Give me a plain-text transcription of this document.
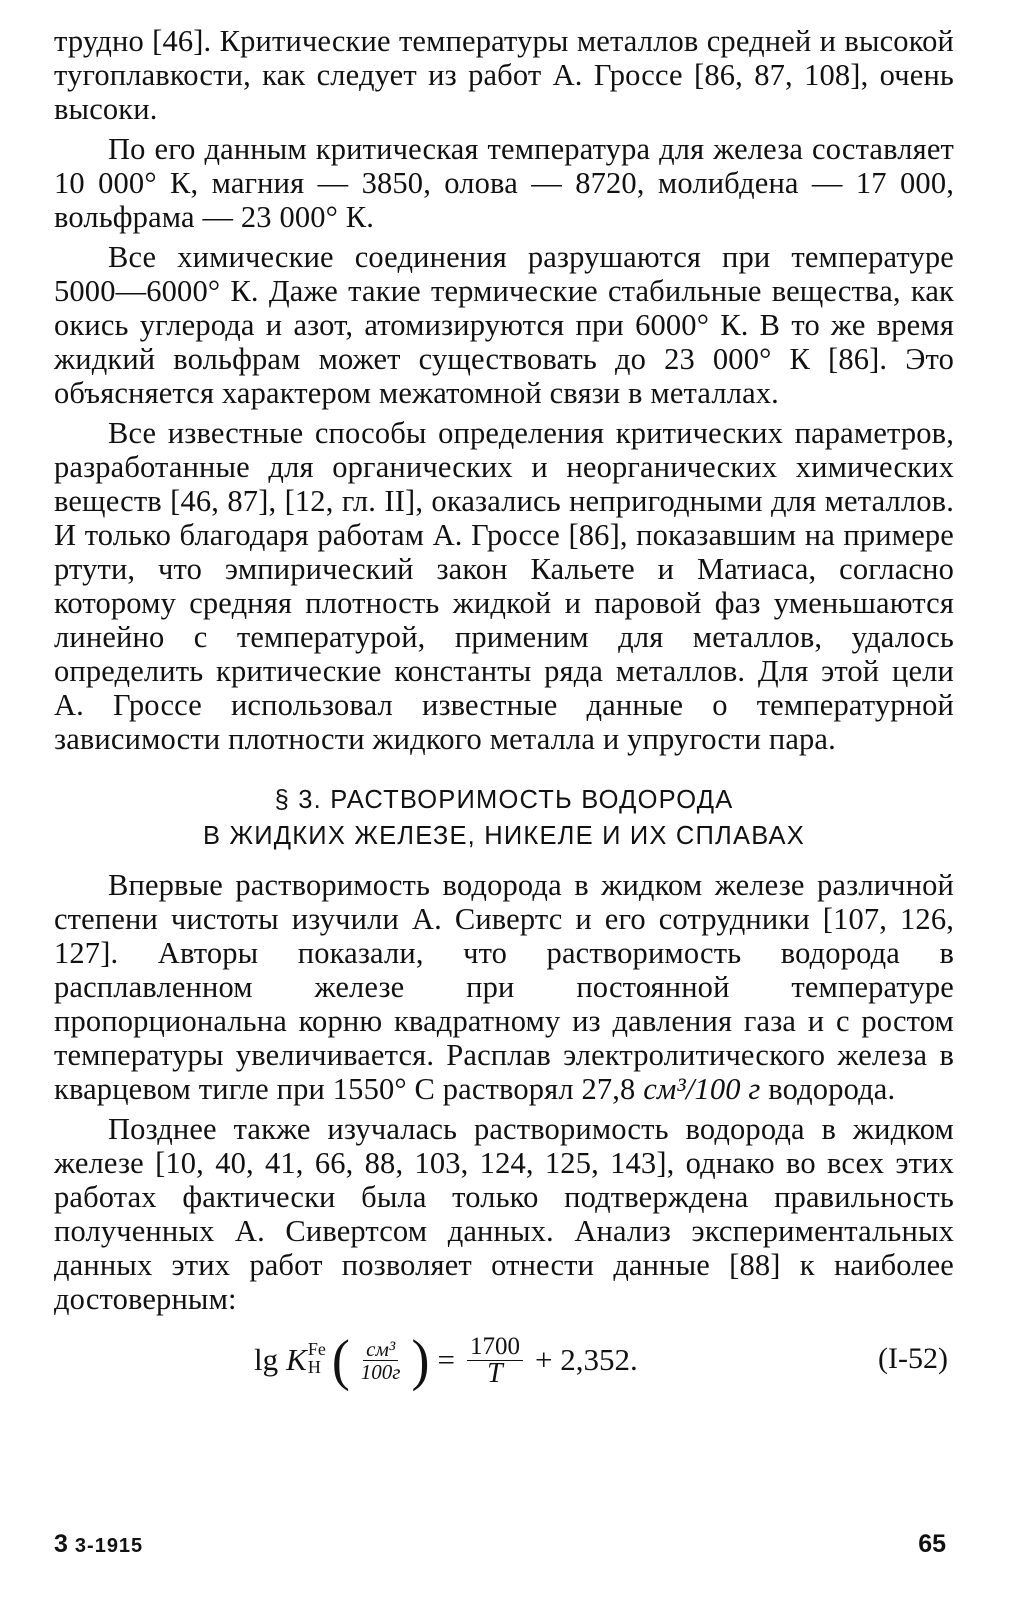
трудно [46]. Критические температуры металлов средней и высокой тугоплавкости, как следует из работ А. Гроссе [86, 87, 108], очень высоки.

По его данным критическая температура для железа составляет 10 000° К, магния — 3850, олова — 8720, молибдена — 17 000, вольфрама — 23 000° К.

Все химические соединения разрушаются при температуре 5000—6000° К. Даже такие термические стабильные вещества, как окись углерода и азот, атомизируются при 6000° К. В то же время жидкий вольфрам может существовать до 23 000° К [86]. Это объясняется характером межатомной связи в металлах.

Все известные способы определения критических параметров, разработанные для органических и неорганических химических веществ [46, 87], [12, гл. II], оказались непригодными для металлов. И только благодаря работам А. Гроссе [86], показавшим на примере ртути, что эмпирический закон Кальете и Матиаса, согласно которому средняя плотность жидкой и паровой фаз уменьшаются линейно с температурой, применим для металлов, удалось определить критические константы ряда металлов. Для этой цели А. Гроссе использовал известные данные о температурной зависимости плотности жидкого металла и упругости пара.

§ 3. РАСТВОРИМОСТЬ ВОДОРОДА
В ЖИДКИХ ЖЕЛЕЗЕ, НИКЕЛЕ И ИХ СПЛАВАХ

Впервые растворимость водорода в жидком железе различной степени чистоты изучили А. Сивертс и его сотрудники [107, 126, 127]. Авторы показали, что растворимость водорода в расплавленном железе при постоянной температуре пропорциональна корню квадратному из давления газа и с ростом температуры увеличивается. Расплав электролитического железа в кварцевом тигле при 1550° С растворял 27,8 см³/100 г водорода.

Позднее также изучалась растворимость водорода в жидком железе [10, 40, 41, 66, 88, 103, 124, 125, 143], однако во всех этих работах фактически была только подтверждена правильность полученных А. Сивертсом данных. Анализ экспериментальных данных этих работ позволяет отнести данные [88] к наиболее достоверным:

lg K Fe
H ( $\frac{\text{см³}}{100г}$ ) = $\frac{1700}{T} + 2,352$.	(I-52)
3 3-1915	65
